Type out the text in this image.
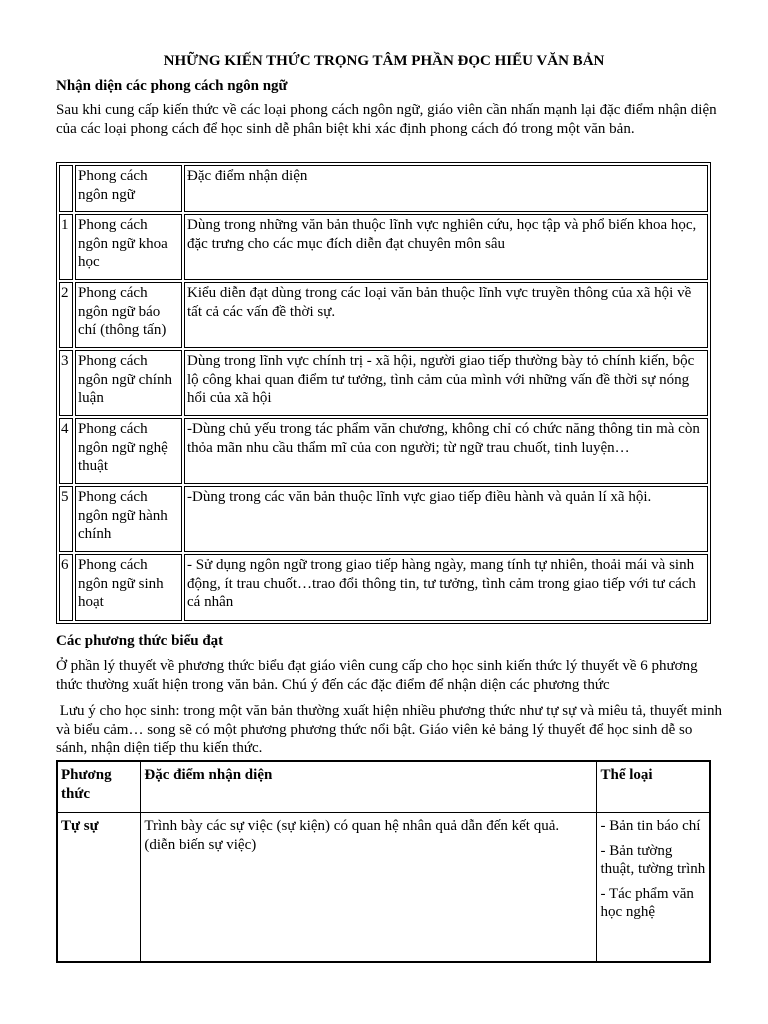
NHỮNG KIẾN THỨC TRỌNG TÂM PHẦN ĐỌC HIỂU VĂN BẢN
Nhận diện các phong cách ngôn ngữ
Sau khi cung cấp kiến thức về các loại phong cách ngôn ngữ, giáo viên cần nhấn mạnh lại đặc điểm nhận diện của các loại phong cách để học sinh dễ phân biệt khi xác định phong cách đó trong một văn bản.
	Phong cách ngôn ngữ	Đặc điểm nhận diện
1	Phong cách ngôn ngữ khoa học	Dùng trong những văn bản thuộc lĩnh vực nghiên cứu, học tập và phổ biến khoa học, đặc trưng cho các mục đích diễn đạt chuyên môn sâu
2	Phong cách ngôn ngữ báo chí (thông tấn)	Kiểu diễn đạt dùng trong các loại văn bản thuộc lĩnh vực truyền thông của xã hội về tất cả các vấn đề thời sự.
3	Phong cách ngôn ngữ chính luận	Dùng trong lĩnh vực chính trị - xã hội, người giao tiếp thường bày tỏ chính kiến, bộc lộ công khai quan điểm tư tưởng, tình cảm của mình với những vấn đề thời sự nóng hổi của xã hội
4	Phong cách ngôn ngữ nghệ thuật	-Dùng chủ yếu trong tác phẩm văn chương, không chỉ có chức năng thông tin mà còn thỏa mãn nhu cầu thẩm mĩ của con người; từ ngữ trau chuốt, tinh luyện…
5	Phong cách ngôn ngữ hành chính	-Dùng trong các văn bản thuộc lĩnh vực giao tiếp điều hành và quản lí xã hội.
6	Phong cách ngôn ngữ sinh hoạt	- Sử dụng ngôn ngữ trong giao tiếp hàng ngày, mang tính tự nhiên, thoải mái và sinh động, ít trau chuốt…trao đổi thông tin, tư tưởng, tình cảm trong giao tiếp với tư cách cá nhân
Các phương thức biểu đạt
Ở phần lý thuyết về phương thức biểu đạt giáo viên cung cấp cho học sinh kiến thức lý thuyết về 6 phương thức thường xuất hiện trong văn bản. Chú ý đến các đặc điểm để nhận diện các phương thức
Lưu ý cho học sinh: trong một văn bản thường xuất hiện nhiều phương thức như tự sự và miêu tả, thuyết minh và biểu cảm… song sẽ có một phương phương thức nổi bật. Giáo viên kẻ bảng lý thuyết để học sinh dễ so sánh, nhận diện tiếp thu kiến thức.
Phương thức	Đặc điểm nhận diện	Thể loại
Tự sự	Trình bày các sự việc (sự kiện) có quan hệ nhân quả dẫn đến kết quả. (diễn biến sự việc)	- Bản tin báo chí
- Bản tường thuật, tường trình
- Tác phẩm văn học nghệ
